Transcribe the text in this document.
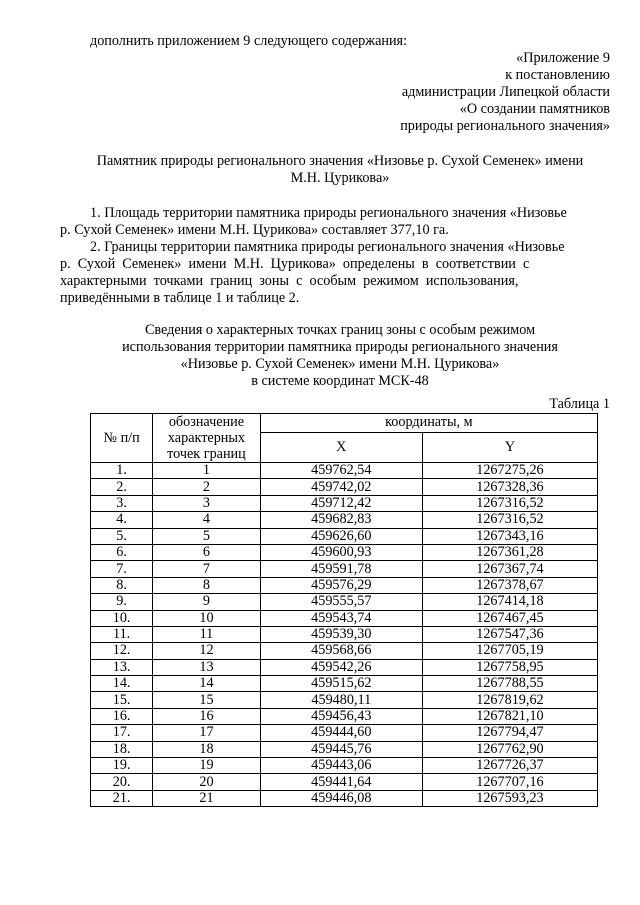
дополнить приложением 9 следующего содержания:
«Приложение 9
к постановлению
администрации Липецкой области
«О создании памятников
природы регионального значения»
Памятник природы регионального значения «Низовье р. Сухой Семенек» имени
М.Н. Цурикова»
1. Площадь территории памятника природы регионального значения «Низовье
р. Сухой Семенек» имени М.Н. Цурикова» составляет 377,10 га.
2. Границы территории памятника природы регионального значения «Низовье
р.  Сухой  Семенек»  имени  М.Н.  Цурикова»  определены  в  соответствии  с
характерными  точками  границ  зоны  с  особым  режимом  использования,
приведёнными в таблице 1 и таблице 2.
Сведения о характерных точках границ зоны с особым режимом
использования территории памятника природы регионального значения
«Низовье р. Сухой Семенек» имени М.Н. Цурикова»
в системе координат МСК-48
Таблица 1
№ п/п	обозначение
характерных
точек границ	координаты, м	
		X	Y
1.	1	459762,54	1267275,26
2.	2	459742,02	1267328,36
3.	3	459712,42	1267316,52
4.	4	459682,83	1267316,52
5.	5	459626,60	1267343,16
6.	6	459600,93	1267361,28
7.	7	459591,78	1267367,74
8.	8	459576,29	1267378,67
9.	9	459555,57	1267414,18
10.	10	459543,74	1267467,45
11.	11	459539,30	1267547,36
12.	12	459568,66	1267705,19
13.	13	459542,26	1267758,95
14.	14	459515,62	1267788,55
15.	15	459480,11	1267819,62
16.	16	459456,43	1267821,10
17.	17	459444,60	1267794,47
18.	18	459445,76	1267762,90
19.	19	459443,06	1267726,37
20.	20	459441,64	1267707,16
21.	21	459446,08	1267593,23
